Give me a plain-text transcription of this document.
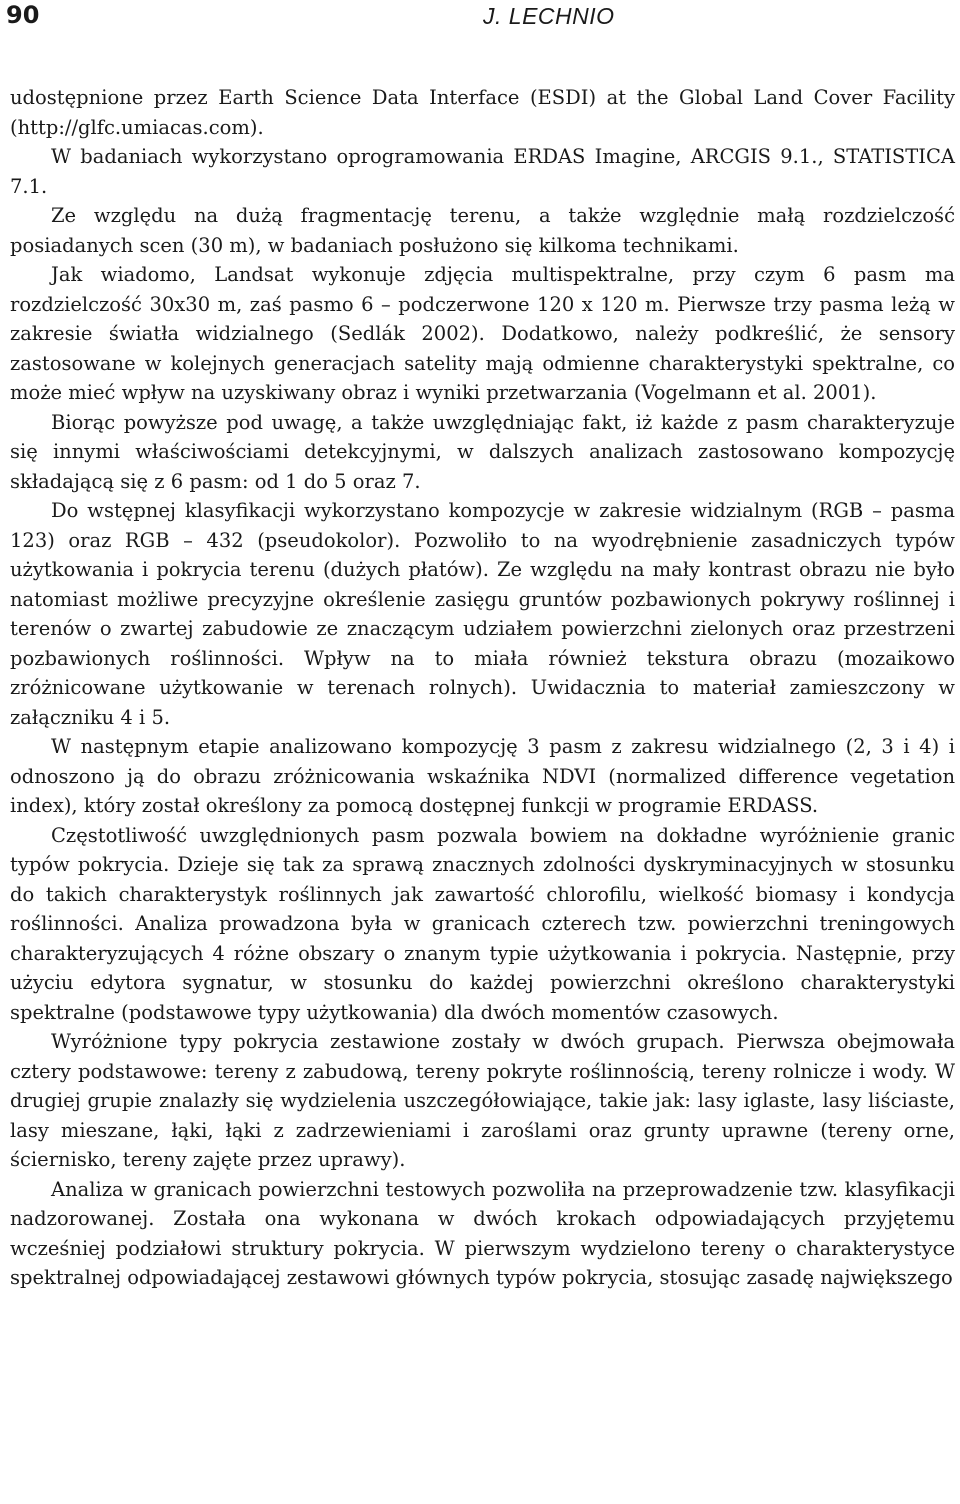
90	J. LECHNIO

udostępnione przez Earth Science Data Interface (ESDI) at the Global Land Cover Facility (http://glfc.umiacas.com).

W badaniach wykorzystano oprogramowania ERDAS Imagine, ARCGIS 9.1., STATISTICA 7.1.

Ze względu na dużą fragmentację terenu, a także względnie małą rozdzielczość posiadanych scen (30 m), w badaniach posłużono się kilkoma technikami.

Jak wiadomo, Landsat wykonuje zdjęcia multispektralne, przy czym 6 pasm ma rozdzielczość 30x30 m, zaś pasmo 6 – podczerwone 120 x 120 m. Pierwsze trzy pasma leżą w zakresie światła widzialnego (Sedlák 2002). Dodatkowo, należy podkreślić, że sensory zastosowane w kolejnych generacjach satelity mają odmienne charakterystyki spektralne, co może mieć wpływ na uzyskiwany obraz i wyniki przetwarzania (Vogelmann et al. 2001).

Biorąc powyższe pod uwagę, a także uwzględniając fakt, iż każde z pasm charakteryzuje się innymi właściwościami detekcyjnymi, w dalszych analizach zastosowano kompozycję składającą się z 6 pasm: od 1 do 5 oraz 7.

Do wstępnej klasyfikacji wykorzystano kompozycje w zakresie widzialnym (RGB – pasma 123) oraz RGB – 432 (pseudokolor). Pozwoliło to na wyodrębnienie zasadniczych typów użytkowania i pokrycia terenu (dużych płatów). Ze względu na mały kontrast obrazu nie było natomiast możliwe precyzyjne określenie zasięgu gruntów pozbawionych pokrywy roślinnej i terenów o zwartej zabudowie ze znaczącym udziałem powierzchni zielonych oraz przestrzeni pozbawionych roślinności. Wpływ na to miała również tekstura obrazu (mozaikowo zróżnicowane użytkowanie w terenach rolnych). Uwidacznia to materiał zamieszczony w załączniku 4 i 5.

W następnym etapie analizowano kompozycję 3 pasm z zakresu widzialnego (2, 3 i 4) i odnoszono ją do obrazu zróżnicowania wskaźnika NDVI (normalized difference vegetation index), który został określony za pomocą dostępnej funkcji w programie ERDASS.

Częstotliwość uwzględnionych pasm pozwala bowiem na dokładne wyróżnienie granic typów pokrycia. Dzieje się tak za sprawą znacznych zdolności dyskryminacyjnych w stosunku do takich charakterystyk roślinnych jak zawartość chlorofilu, wielkość biomasy i kondycja roślinności. Analiza prowadzona była w granicach czterech tzw. powierzchni treningowych charakteryzujących 4 różne obszary o znanym typie użytkowania i pokrycia. Następnie, przy użyciu edytora sygnatur, w stosunku do każdej powierzchni określono charakterystyki spektralne (podstawowe typy użytkowania) dla dwóch momentów czasowych.

Wyróżnione typy pokrycia zestawione zostały w dwóch grupach. Pierwsza obejmowała cztery podstawowe: tereny z zabudową, tereny pokryte roślinnością, tereny rolnicze i wody. W drugiej grupie znalazły się wydzielenia uszczegółowiające, takie jak: lasy iglaste, lasy liściaste, lasy mieszane, łąki, łąki z zadrzewieniami i zaroślami oraz grunty uprawne (tereny orne, ściernisko, tereny zajęte przez uprawy).

Analiza w granicach powierzchni testowych pozwoliła na przeprowadzenie tzw. klasyfikacji nadzorowanej. Została ona wykonana w dwóch krokach odpowiadających przyjętemu wcześniej podziałowi struktury pokrycia. W pierwszym wydzielono tereny o charakterystyce spektralnej odpowiadającej zestawowi głównych typów pokrycia, stosując zasadę największego
